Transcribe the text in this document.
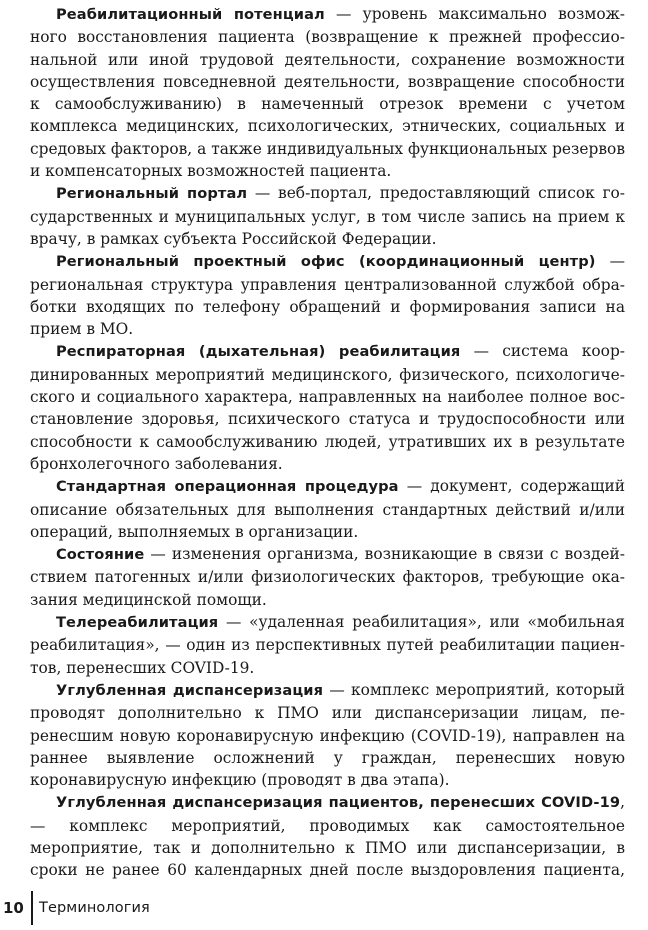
Реабилитационный потенциал — уровень максимально возможного восстановления пациента (возвращение к прежней профессиональной или иной трудовой деятельности, сохранение возможности осуществления повседневной деятельности, возвращение способности к самообслуживанию) в намеченный отрезок времени с учетом комплекса медицинских, психологических, этнических, социальных и средовых факторов, а также индивидуальных функциональных резервов и компенсаторных возможностей пациента.

Региональный портал — веб-портал, предоставляющий список государственных и муниципальных услуг, в том числе запись на прием к врачу, в рамках субъекта Российской Федерации.

Региональный проектный офис (координационный центр) — региональная структура управления централизованной службой обработки входящих по телефону обращений и формирования записи на прием в МО.

Респираторная (дыхательная) реабилитация — система координированных мероприятий медицинского, физического, психологического и социального характера, направленных на наиболее полное восстановление здоровья, психического статуса и трудоспособности или способности к самообслуживанию людей, утративших их в результате бронхолегочного заболевания.

Стандартная операционная процедура — документ, содержащий описание обязательных для выполнения стандартных действий и/или операций, выполняемых в организации.

Состояние — изменения организма, возникающие в связи с воздействием патогенных и/или физиологических факторов, требующие оказания медицинской помощи.

Телереабилитация — «удаленная реабилитация», или «мобильная реабилитация», — один из перспективных путей реабилитации пациентов, перенесших COVID-19.

Углубленная диспансеризация — комплекс мероприятий, который проводят дополнительно к ПМО или диспансеризации лицам, перенесшим новую коронавирусную инфекцию (COVID-19), направлен на раннее выявление осложнений у граждан, перенесших новую коронавирусную инфекцию (проводят в два этапа).

Углубленная диспансеризация пациентов, перенесших COVID-19, — комплекс мероприятий, проводимых как самостоятельное мероприятие, так и дополнительно к ПМО или диспансеризации, в сроки не ранее 60 календарных дней после выздоровления пациента,

10 Терминология
